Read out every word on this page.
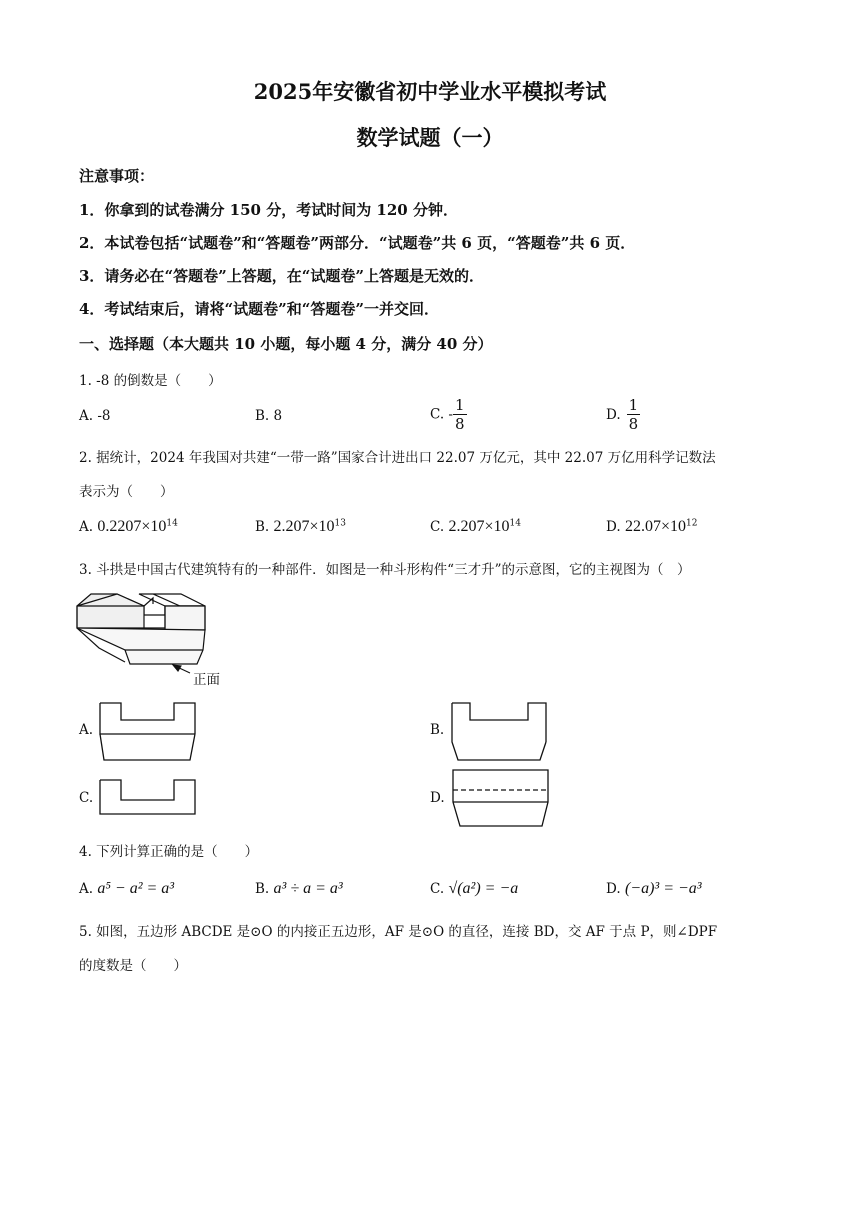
2025年安徽省初中学业水平模拟考试
数学试题（一）
注意事项：
1．你拿到的试卷满分 150 分，考试时间为 120 分钟．
2．本试卷包括“试题卷”和“答题卷”两部分．“试题卷”共 6 页，“答题卷”共 6 页．
3．请务必在“答题卷”上答题，在“试题卷”上答题是无效的．
4．考试结束后，请将“试题卷”和“答题卷”一并交回．
一、选择题（本大题共 10 小题，每小题 4 分，满分 40 分）
1. -8 的倒数是（　　）
A. -8	B. 8	C. - $\frac{1}{8}$	D. $\frac{1}{8}$
2. 据统计，2024 年我国对共建“一带一路”国家合计进出口 22.07 万亿元，其中 22.07 万亿用科学记数法
表示为（　　）
A. $0.2207\times 10^{14}$	B. $2.207\times 10^{13}$	C. $2.207\times 10^{14}$	D. $22.07\times 10^{12}$
3. 斗拱是中国古代建筑特有的一种部件．如图是一种斗形构件“三才升”的示意图，它的主视图为（　）
正面
A.	B.
C.	D.
4. 下列计算正确的是（　　）
A. a⁵ − a² = a³	B. a³ ÷ a = a³	C. √(a²) = −a	D. (−a)³ = −a³
5. 如图，五边形 ABCDE 是⊙O 的内接正五边形，AF 是⊙O 的直径，连接 BD，交 AF 于点 P，则∠DPF
的度数是（　　）
